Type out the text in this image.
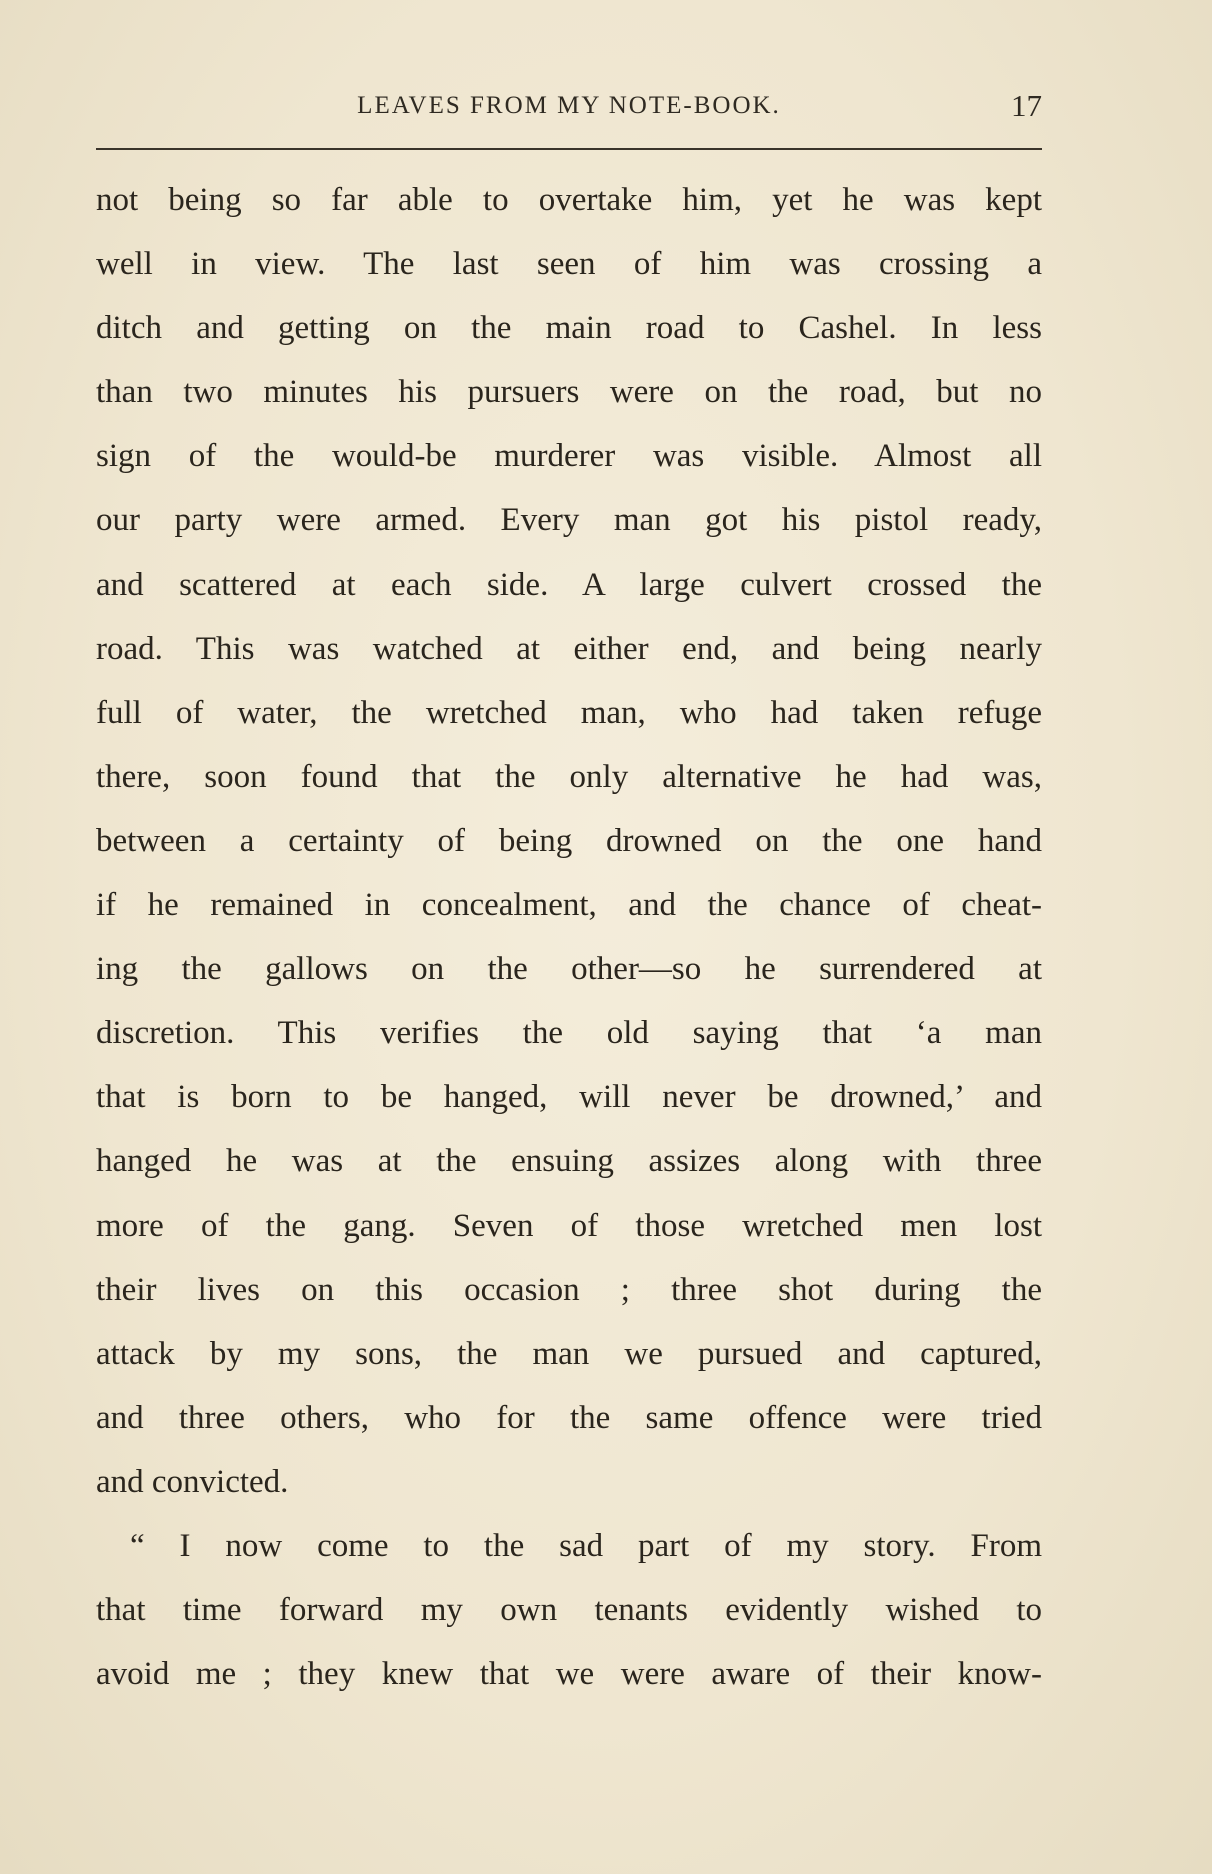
LEAVES FROM MY NOTE-BOOK.	17
not being so far able to overtake him, yet he was kept
well in view. The last seen of him was crossing a
ditch and getting on the main road to Cashel. In less
than two minutes his pursuers were on the road, but no
sign of the would-be murderer was visible. Almost all
our party were armed. Every man got his pistol ready,
and scattered at each side. A large culvert crossed the
road. This was watched at either end, and being nearly
full of water, the wretched man, who had taken refuge
there, soon found that the only alternative he had was,
between a certainty of being drowned on the one hand
if he remained in concealment, and the chance of cheat-
ing the gallows on the other—so he surrendered at
discretion. This verifies the old saying that ‘a man
that is born to be hanged, will never be drowned,’ and
hanged he was at the ensuing assizes along with three
more of the gang. Seven of those wretched men lost
their lives on this occasion ; three shot during the
attack by my sons, the man we pursued and captured,
and three others, who for the same offence were tried
and convicted.
“ I now come to the sad part of my story. From
that time forward my own tenants evidently wished to
avoid me ; they knew that we were aware of their know-
